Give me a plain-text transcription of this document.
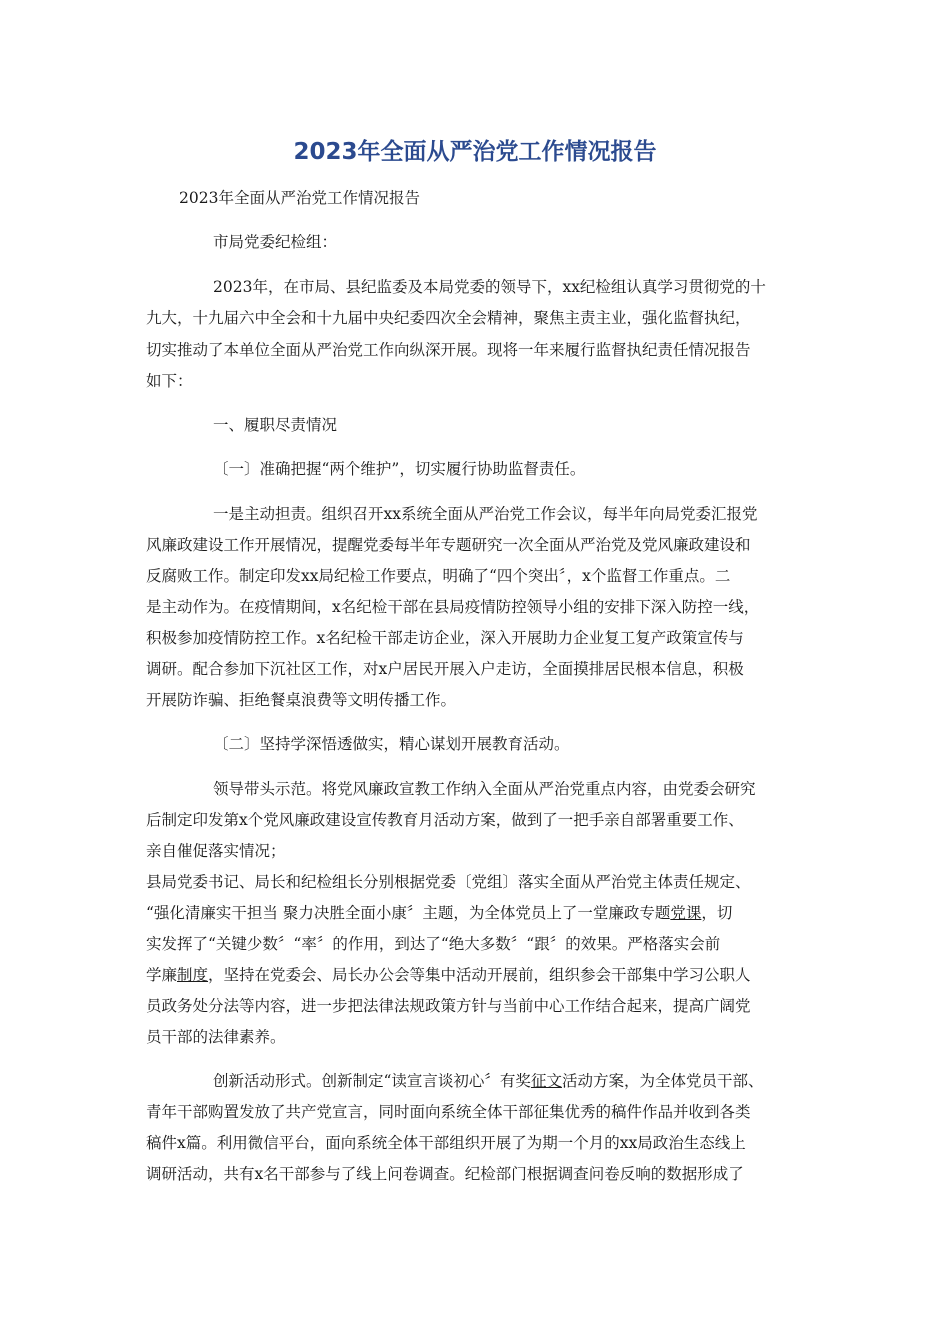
2023年全面从严治党工作情况报告

2023年全面从严治党工作情况报告

市局党委纪检组：

2023年，在市局、县纪监委及本局党委的领导下，xx纪检组认真学习贯彻党的十

九大，十九届六中全会和十九届中央纪委四次全会精神，聚焦主责主业，强化监督执纪，

切实推动了本单位全面从严治党工作向纵深开展。现将一年来履行监督执纪责任情况报告

如下：

一、履职尽责情况

〔一〕准确把握“两个维护”，切实履行协助监督责任。

一是主动担责。组织召开xx系统全面从严治党工作会议，每半年向局党委汇报党

风廉政建设工作开展情况，提醒党委每半年专题研究一次全面从严治党及党风廉政建设和

反腐败工作。制定印发xx局纪检工作要点，明确了“四个突出〞，x个监督工作重点。二

是主动作为。在疫情期间，x名纪检干部在县局疫情防控领导小组的安排下深入防控一线，

积极参加疫情防控工作。x名纪检干部走访企业，深入开展助力企业复工复产政策宣传与

调研。配合参加下沉社区工作，对x户居民开展入户走访，全面摸排居民根本信息，积极

开展防诈骗、拒绝餐桌浪费等文明传播工作。

〔二〕坚持学深悟透做实，精心谋划开展教育活动。

领导带头示范。将党风廉政宣教工作纳入全面从严治党重点内容，由党委会研究

后制定印发第x个党风廉政建设宣传教育月活动方案，做到了一把手亲自部署重要工作、

亲自催促落实情况；

县局党委书记、局长和纪检组长分别根据党委〔党组〕落实全面从严治党主体责任规定、

“强化清廉实干担当 聚力决胜全面小康〞主题，为全体党员上了一堂廉政专题党课，切

实发挥了“关键少数〞“率〞的作用，到达了“绝大多数〞“跟〞的效果。严格落实会前

学廉制度，坚持在党委会、局长办公会等集中活动开展前，组织参会干部集中学习公职人

员政务处分法等内容，进一步把法律法规政策方针与当前中心工作结合起来，提高广阔党

员干部的法律素养。

创新活动形式。创新制定“读宣言谈初心〞有奖征文活动方案，为全体党员干部、

青年干部购置发放了共产党宣言，同时面向系统全体干部征集优秀的稿件作品并收到各类

稿件x篇。利用微信平台，面向系统全体干部组织开展了为期一个月的xx局政治生态线上

调研活动，共有x名干部参与了线上问卷调查。纪检部门根据调查问卷反响的数据形成了
